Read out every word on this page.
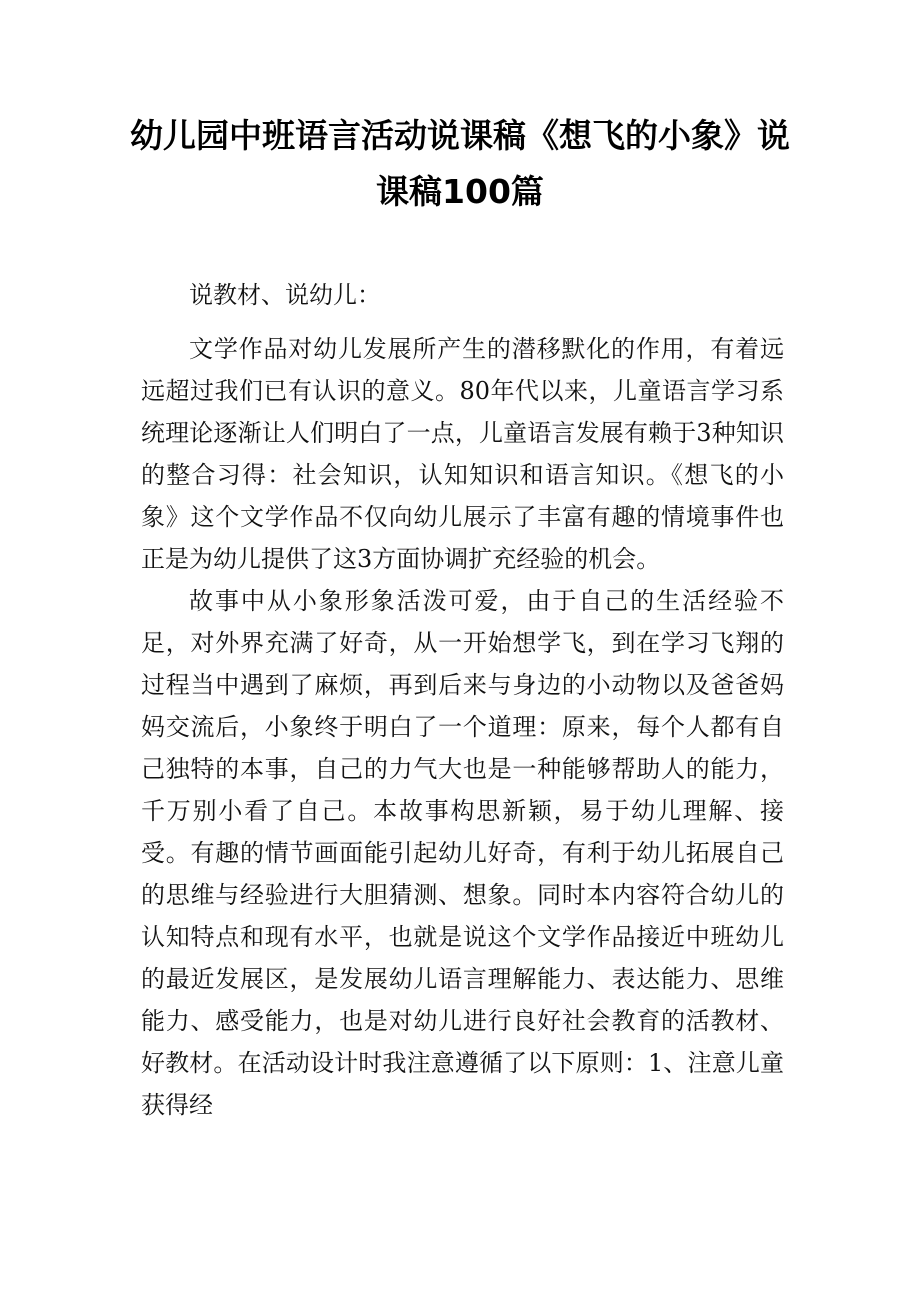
幼儿园中班语言活动说课稿《想飞的小象》说课稿100篇

说教材、说幼儿：

文学作品对幼儿发展所产生的潜移默化的作用，有着远远超过我们已有认识的意义。80年代以来，儿童语言学习系统理论逐渐让人们明白了一点，儿童语言发展有赖于3种知识的整合习得：社会知识，认知知识和语言知识。《想飞的小象》这个文学作品不仅向幼儿展示了丰富有趣的情境事件也正是为幼儿提供了这3方面协调扩充经验的机会。

故事中从小象形象活泼可爱，由于自己的生活经验不足，对外界充满了好奇，从一开始想学飞，到在学习飞翔的过程当中遇到了麻烦，再到后来与身边的小动物以及爸爸妈妈交流后，小象终于明白了一个道理：原来，每个人都有自己独特的本事，自己的力气大也是一种能够帮助人的能力，千万别小看了自己。本故事构思新颖，易于幼儿理解、接受。有趣的情节画面能引起幼儿好奇，有利于幼儿拓展自己的思维与经验进行大胆猜测、想象。同时本内容符合幼儿的认知特点和现有水平，也就是说这个文学作品接近中班幼儿的最近发展区，是发展幼儿语言理解能力、表达能力、思维能力、感受能力，也是对幼儿进行良好社会教育的活教材、好教材。在活动设计时我注意遵循了以下原则：1、注意儿童获得经
